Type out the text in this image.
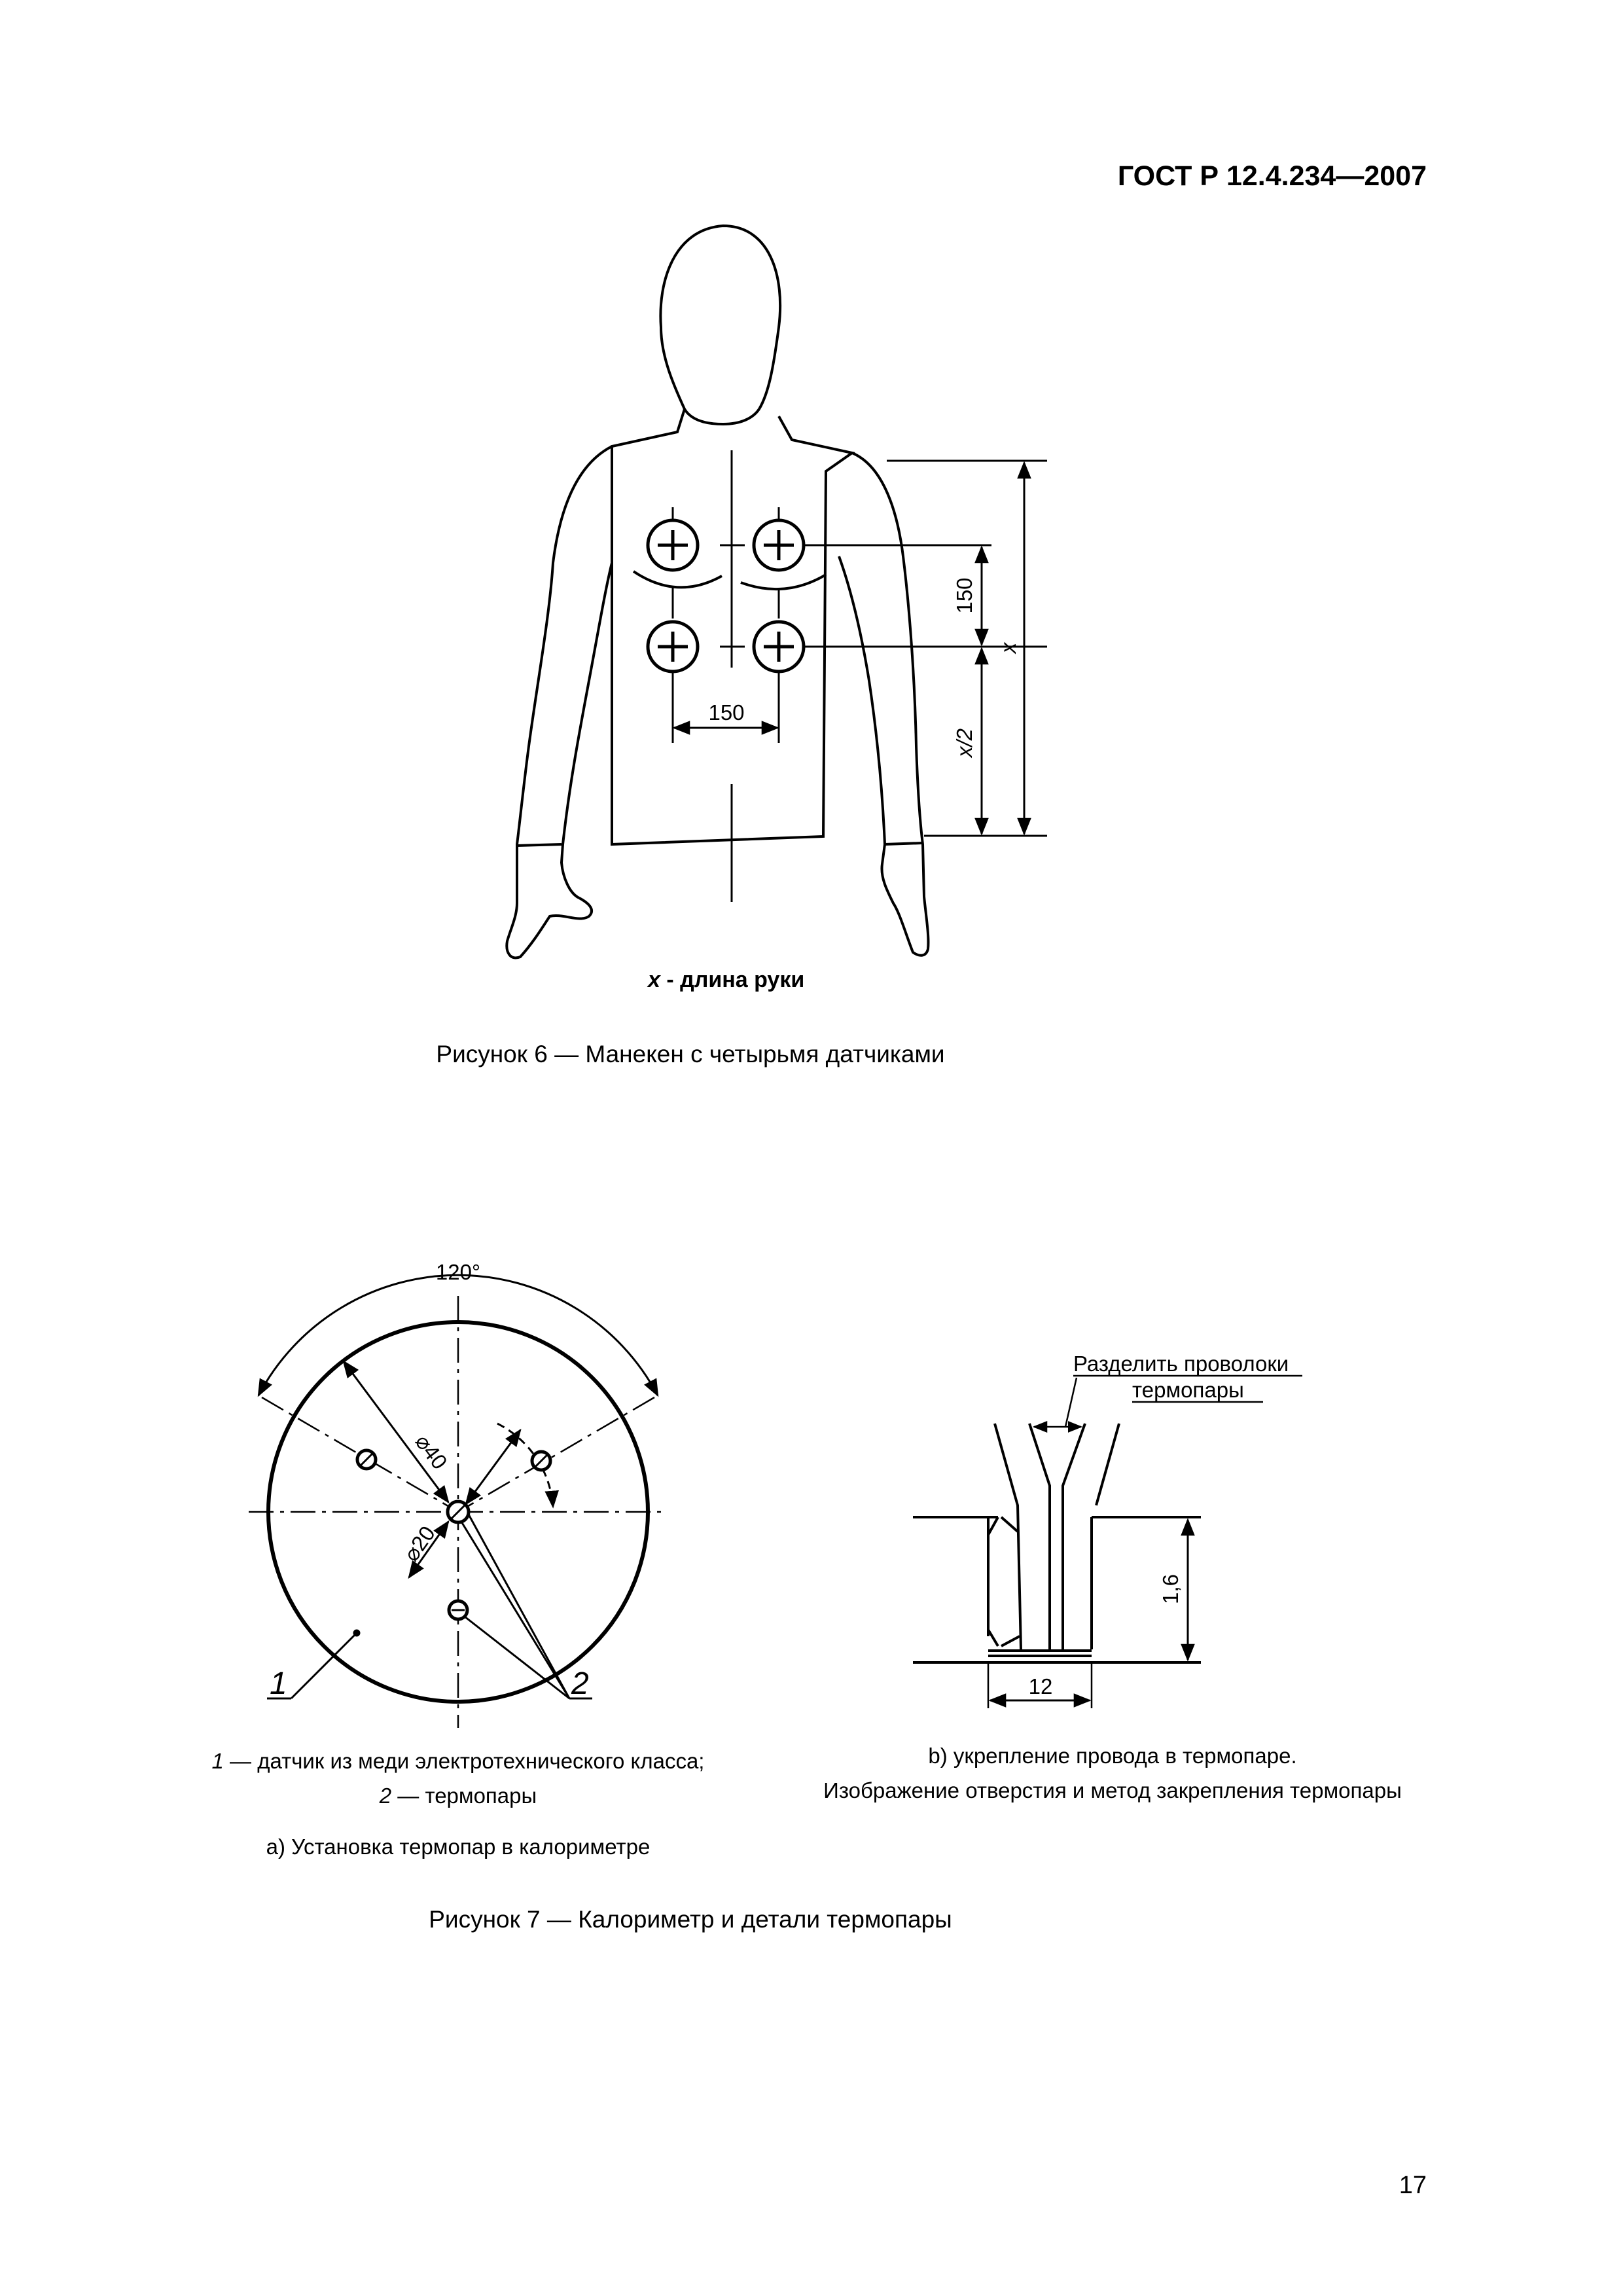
ГОСТ Р 12.4.234—2007
150
150
x/2
x
x - длина руки
Рисунок 6 — Манекен с четырьмя датчиками
120°
⌀40
⌀20
1	2
Разделить проволоки
термопары
1,6
12
1 — датчик из меди электротехнического класса;
2 — термопары
a) Установка термопар в калориметре
b) укрепление провода в термопаре.
Изображение отверстия и метод закрепления термопары
Рисунок 7 — Калориметр и детали термопары
17
